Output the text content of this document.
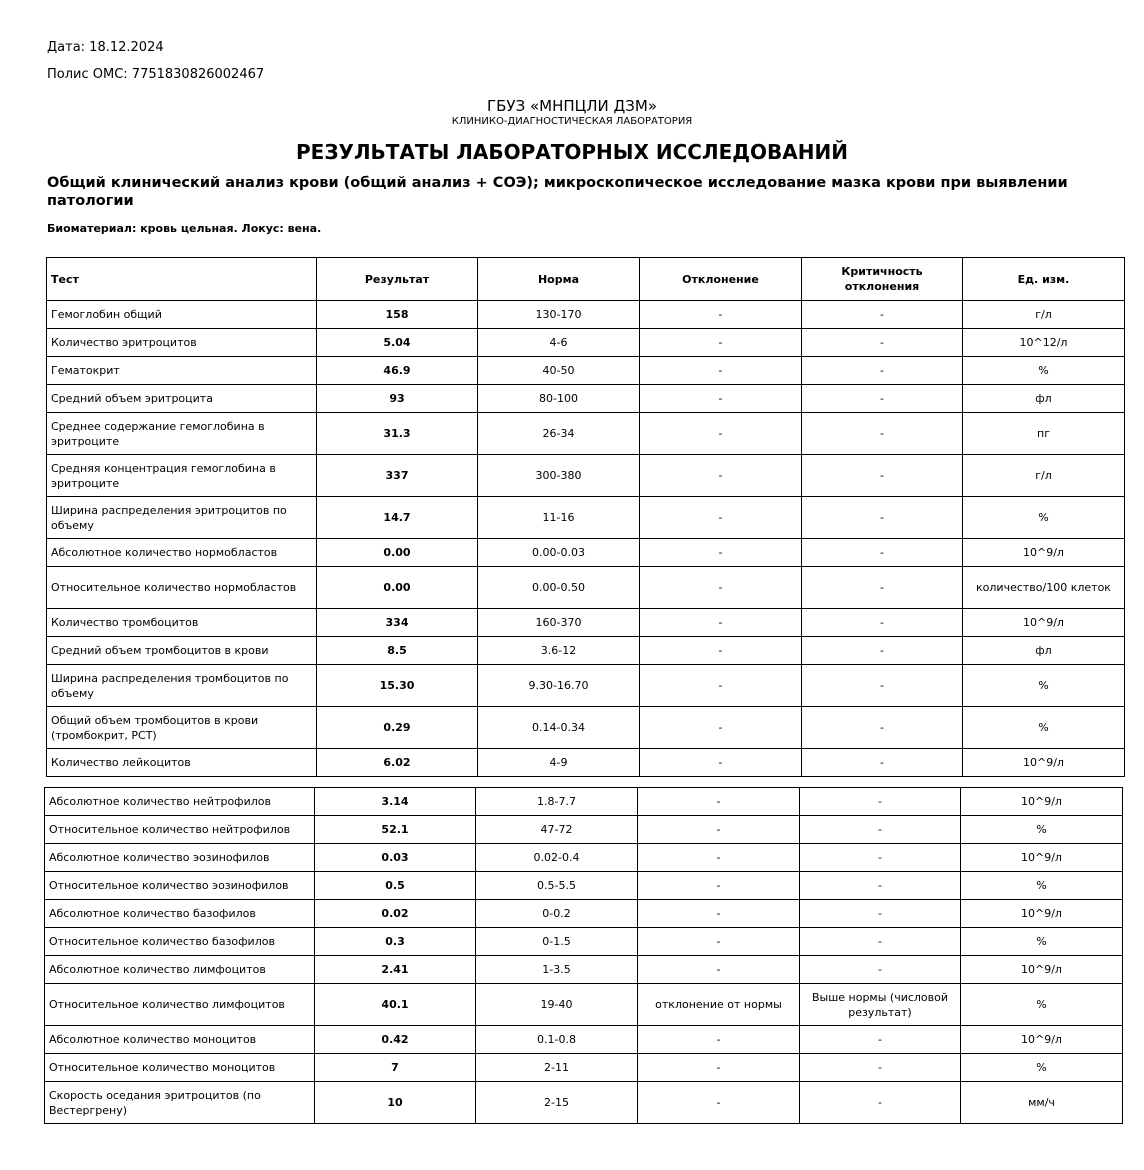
Дата: 18.12.2024
Полис ОМС: 7751830826002467
ГБУЗ «МНПЦЛИ ДЗМ»
КЛИНИКО-ДИАГНОСТИЧЕСКАЯ ЛАБОРАТОРИЯ
РЕЗУЛЬТАТЫ ЛАБОРАТОРНЫХ ИССЛЕДОВАНИЙ
Общий клинический анализ крови (общий анализ + СОЭ); микроскопическое исследование мазка крови при выявлении патологии
Биоматериал: кровь цельная. Локус: вена.
Тест	Результат	Норма	Отклонение	Критичность отклонения	Ед. изм.
Гемоглобин общий	158	130-170	-	-	г/л
Количество эритроцитов	5.04	4-6	-	-	10^12/л
Гематокрит	46.9	40-50	-	-	%
Средний объем эритроцита	93	80-100	-	-	фл
Среднее содержание гемоглобина в эритроците	31.3	26-34	-	-	пг
Средняя концентрация гемоглобина в эритроците	337	300-380	-	-	г/л
Ширина распределения эритроцитов по объему	14.7	11-16	-	-	%
Абсолютное количество нормобластов	0.00	0.00-0.03	-	-	10^9/л
Относительное количество нормобластов	0.00	0.00-0.50	-	-	количество/100 клеток
Количество тромбоцитов	334	160-370	-	-	10^9/л
Средний объем тромбоцитов в крови	8.5	3.6-12	-	-	фл
Ширина распределения тромбоцитов по объему	15.30	9.30-16.70	-	-	%
Общий объем тромбоцитов в крови (тромбокрит, PCT)	0.29	0.14-0.34	-	-	%
Количество лейкоцитов	6.02	4-9	-	-	10^9/л
Абсолютное количество нейтрофилов	3.14	1.8-7.7	-	-	10^9/л
Относительное количество нейтрофилов	52.1	47-72	-	-	%
Абсолютное количество эозинофилов	0.03	0.02-0.4	-	-	10^9/л
Относительное количество эозинофилов	0.5	0.5-5.5	-	-	%
Абсолютное количество базофилов	0.02	0-0.2	-	-	10^9/л
Относительное количество базофилов	0.3	0-1.5	-	-	%
Абсолютное количество лимфоцитов	2.41	1-3.5	-	-	10^9/л
Относительное количество лимфоцитов	40.1	19-40	отклонение от нормы	Выше нормы (числовой результат)	%
Абсолютное количество моноцитов	0.42	0.1-0.8	-	-	10^9/л
Относительное количество моноцитов	7	2-11	-	-	%
Скорость оседания эритроцитов (по Вестергрену)	10	2-15	-	-	мм/ч
